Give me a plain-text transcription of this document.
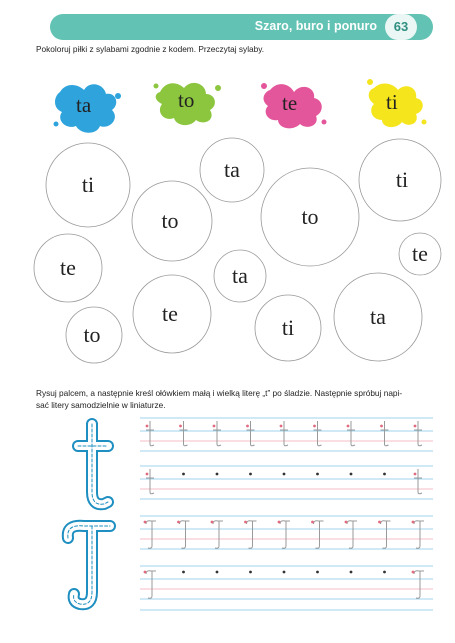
Szaro, buro i ponuro	63
Pokoloruj piłki z sylabami zgodnie z kodem. Przeczytaj sylaby.
Rysuj palcem, a następnie kreśl ołówkiem małą i wielką literę „t” po śladzie. Następnie spróbuj napi-sać litery samodzielnie w liniaturze.
ta	to	te	ti
ti
to
ta
to
ti
te
te
ta
te
to	ti	ta
t
T
